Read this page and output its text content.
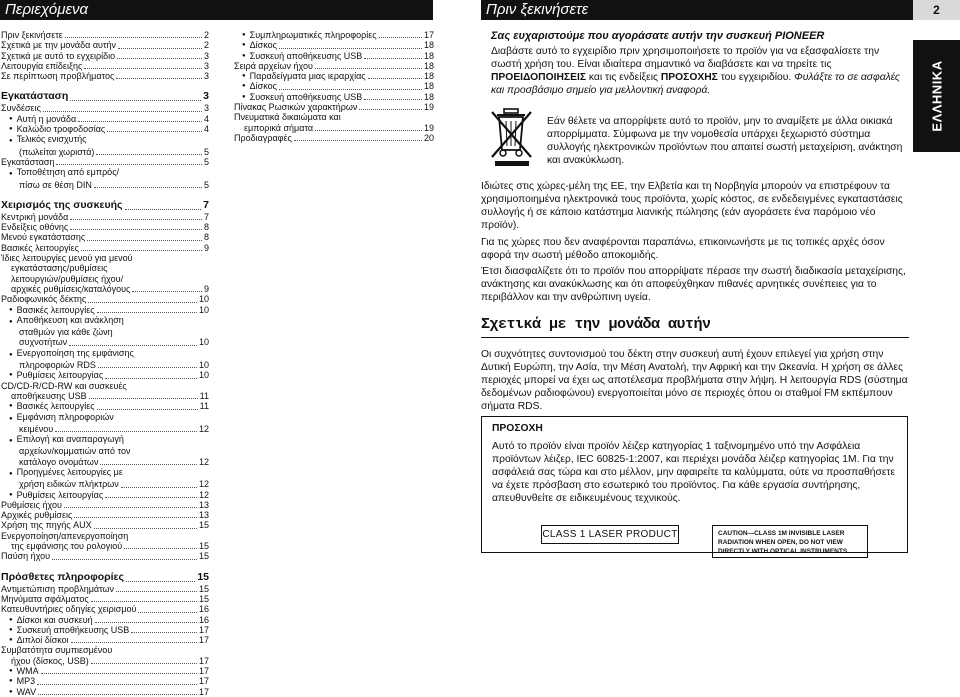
Περιεχόμενα	Πριν ξεκινήσετε	2
Πριν ξεκινήσετε	2
Σχετικά με την μονάδα αυτήν	2
Σχετικά με αυτό το εγχειρίδιο	3
Λειτουργία επίδειξης	3
Σε περίπτωση προβλήματος	3
Εγκατάσταση	3
Συνδέσεις	3
● Αυτή η μονάδα	4
● Καλώδιο τροφοδοσίας	4
● Τελικός ενισχυτής
(πωλείται χωριστά)	5
Εγκατάσταση	5
● Τοποθέτηση από εμπρός/
πίσω σε θέση DIN	5
Χειρισμός της συσκευής	7
Κεντρική μονάδα	7
Ενδείξεις οθόνης	8
Μενού εγκατάστασης	8
Βασικές λειτουργίες	9
Ίδιες λειτουργίες μενού για μενού
εγκατάστασης/ρυθμίσεις
λειτουργιών/ρυθμίσεις ήχου/
αρχικές ρυθμίσεις/καταλόγους	9
Ραδιοφωνικός δέκτης	10
● Βασικές λειτουργίες	10
● Αποθήκευση και ανάκληση
σταθμών για κάθε ζώνη
συχνοτήτων	10
● Ενεργοποίηση της εμφάνισης
πληροφοριών RDS	10
● Ρυθμίσεις λειτουργίας	10
CD/CD-R/CD-RW και συσκευές
αποθήκευσης USB	11
● Βασικές λειτουργίες	11
● Εμφάνιση πληροφοριών
κειμένου	12
● Επιλογή και αναπαραγωγή
αρχείων/κομματιών από τον
κατάλογο ονομάτων	12
● Προηγμένες λειτουργίες με
χρήση ειδικών πλήκτρων	12
● Ρυθμίσεις λειτουργίας	12
Ρυθμίσεις ήχου	13
Αρχικές ρυθμίσεις	13
Χρήση της πηγής AUX	15
Ενεργοποίηση/απενεργοποίηση
της εμφάνισης του ρολογιού	15
Παύση ήχου	15
Πρόσθετες πληροφορίες	15
Αντιμετώπιση προβλημάτων	15
Μηνύματα σφάλματος	15
Κατευθυντήριες οδηγίες χειρισμού	16
● Δίσκοι και συσκευή	16
● Συσκευή αποθήκευσης USB	17
● Διπλοί δίσκοι	17
Συμβατότητα συμπιεσμένου
ήχου (δίσκος, USB)	17
● WMA	17
● MP3	17
● WAV	17
● Συμπληρωματικές πληροφορίες	17
● Δίσκος	18
● Συσκευή αποθήκευσης USB	18
Σειρά αρχείων ήχου	18
● Παραδείγματα μιας ιεραρχίας	18
● Δίσκος	18
● Συσκευή αποθήκευσης USB	18
Πίνακας Ρωσικών χαρακτήρων	19
Πνευματικά δικαιώματα και
εμπορικά σήματα	19
Προδιαγραφές	20
Σας ευχαριστούμε που αγοράσατε αυτήν την συσκευή PIONEER
Διαβάστε αυτό το εγχειρίδιο πριν χρησιμοποιήσετε το προϊόν για να εξασφαλίσετε την σωστή χρήση του. Είναι ιδιαίτερα σημαντικό να διαβάσετε και να τηρείτε τις ΠΡΟΕΙΔΟΠΟΙΗΣΕΙΣ και τις ενδείξεις ΠΡΟΣΟΧΗΣ του εγχειριδίου. Φυλάξτε το σε ασφαλές και προσβάσιμο σημείο για μελλοντική αναφορά.
Εάν θέλετε να απορρίψετε αυτό το προϊόν, μην το αναμίξετε με άλλα οικιακά απορρίμματα. Σύμφωνα με την νομοθεσία υπάρχει ξεχωριστό σύστημα συλλογής ηλεκτρονικών προϊόντων που απαιτεί σωστή μεταχείριση, ανάκτηση και ανακύκλωση.
ΕΛΛΗΝΙΚΑ
Ιδιώτες στις χώρες-μέλη της ΕΕ, την Ελβετία και τη Νορβηγία μπορούν να επιστρέφουν τα χρησιμοποιημένα ηλεκτρονικά τους προϊόντα, χωρίς κόστος, σε ενδεδειγμένες εγκαταστάσεις συλλογής ή σε κάποιο κατάστημα λιανικής πώλησης (εάν αγοράσετε ένα παρόμοιο νέο προϊόν).
Για τις χώρες που δεν αναφέρονται παραπάνω, επικοινωνήστε με τις τοπικές αρχές όσον αφορά την σωστή μέθοδο αποκομιδής.
Έτσι διασφαλίζετε ότι το προϊόν που απορρίψατε πέρασε την σωστή διαδικασία μεταχείρισης, ανάκτησης και ανακύκλωσης και ότι αποφεύχθηκαν πιθανές αρνητικές συνέπειες για το περιβάλλον και την ανθρώπινη υγεία.
Σχετικά με την μονάδα αυτήν
Οι συχνότητες συντονισμού του δέκτη στην συσκευή αυτή έχουν επιλεγεί για χρήση στην Δυτική Ευρώπη, την Ασία, την Μέση Ανατολή, την Αφρική και την Ωκεανία. Η χρήση σε άλλες περιοχές μπορεί να έχει ως αποτέλεσμα προβλήματα στην λήψη. Η λειτουργία RDS (σύστημα δεδομένων ραδιοφώνου) ενεργοποιείται μόνο σε περιοχές όπου οι σταθμοί FM εκπέμπουν σήματα RDS.
ΠΡΟΣΟΧΗ
Αυτό το προϊόν είναι προϊόν λέιζερ κατηγορίας 1 ταξινομημένο υπό την Ασφάλεια προϊόντων λέιζερ, IEC 60825-1:2007, και περιέχει μονάδα λέιζερ κατηγορίας 1M. Για την ασφάλειά σας τώρα και στο μέλλον, μην αφαιρείτε τα καλύμματα, ούτε να προσπαθήσετε να έχετε πρόσβαση στο εσωτερικό του προϊόντος. Για κάθε εργασία συντήρησης, απευθυνθείτε σε ειδικευμένους τεχνικούς.
CLASS 1 LASER PRODUCT	CAUTION—CLASS 1M INVISIBLE LASER
RADIATION WHEN OPEN, DO NOT VIEW
DIRECTLY WITH OPTICAL INSTRUMENTS.
